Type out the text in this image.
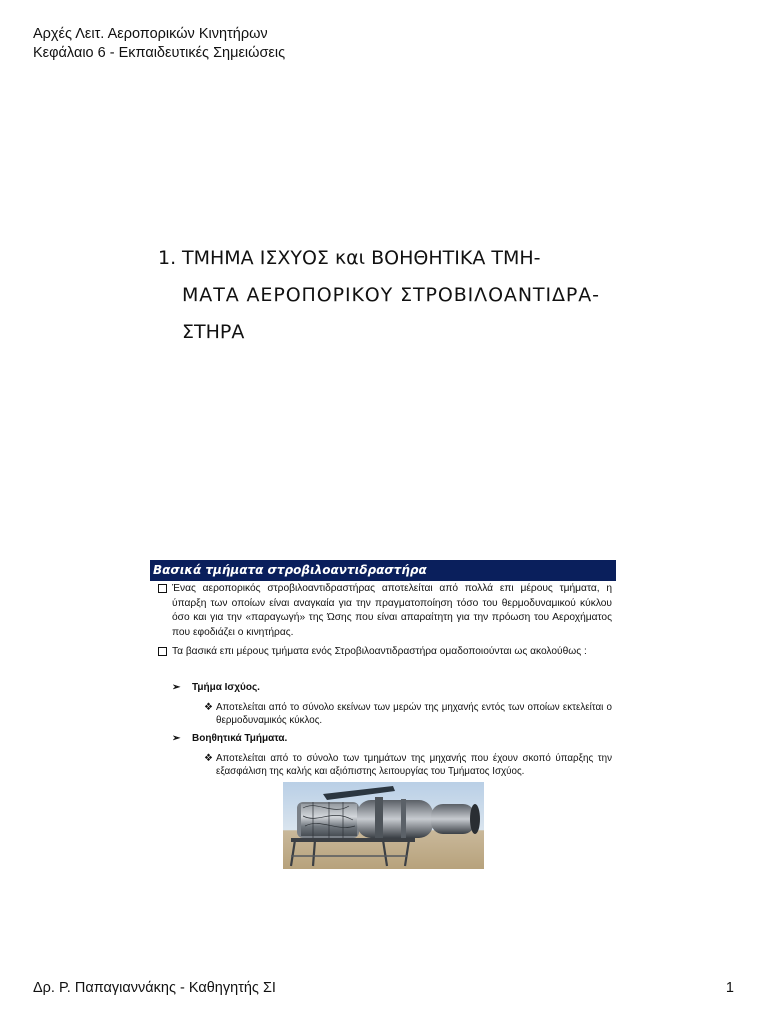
Αρχές Λειτ. Αεροπορικών Κινητήρων
Κεφάλαιο 6 - Εκπαιδευτικές Σημειώσεις
1. ΤΜΗΜΑ ΙΣΧΥΟΣ και ΒΟΗΘΗΤΙΚΑ ΤΜΗ-
ΜΑΤΑ ΑΕΡΟΠΟΡΙΚΟΥ ΣΤΡΟΒΙΛΟΑΝΤΙΔΡΑ-
ΣΤΗΡΑ
Βασικά τμήματα στροβιλοαντιδραστήρα
Ένας αεροπορικός στροβιλοαντιδραστήρας αποτελείται από πολλά επι μέρους τμήματα, η ύπαρξη των οποίων είναι αναγκαία για την πραγματοποίηση τόσο του θερμοδυναμικού κύκλου όσο και για την «παραγωγή» της Ώσης που είναι απαραίτητη για την πρόωση του Αεροχήματος που εφοδιάζει ο κινητήρας.
Τα βασικά επι μέρους τμήματα ενός Στροβιλοαντιδραστήρα ομαδοποιούνται ως ακολούθως :
➢ Τμήμα Ισχύος.
❖ Αποτελείται από το σύνολο εκείνων των μερών της μηχανής εντός των οποίων εκτελείται ο θερμοδυναμικός κύκλος.
➢ Βοηθητικά Τμήματα.
❖ Αποτελείται από το σύνολο των τμημάτων της μηχανής που έχουν σκοπό ύπαρξης την εξασφάλιση της καλής και αξιόπιστης λειτουργίας του Τμήματος Ισχύος.
Δρ. Ρ. Παπαγιαννάκης - Καθηγητής ΣΙ	1
